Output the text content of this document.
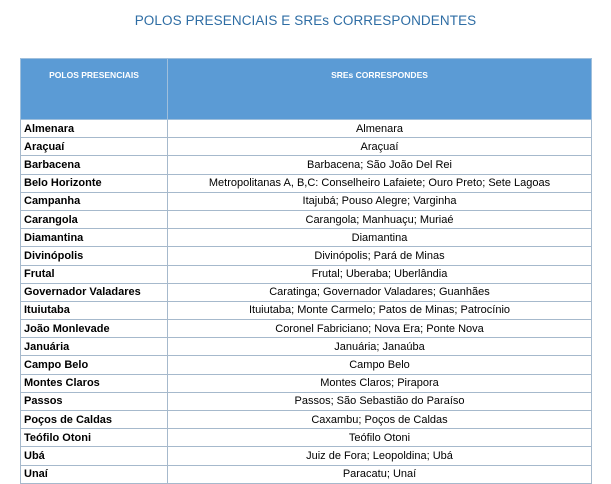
POLOS PRESENCIAIS E SREs CORRESPONDENTES
POLOS PRESENCIAIS	SREs CORRESPONDES
Almenara	Almenara
Araçuaí	Araçuaí
Barbacena	Barbacena; São João Del Rei
Belo Horizonte	Metropolitanas A, B,C: Conselheiro Lafaiete; Ouro Preto; Sete Lagoas
Campanha	Itajubá; Pouso Alegre; Varginha
Carangola	Carangola; Manhuaçu; Muriaé
Diamantina	Diamantina
Divinópolis	Divinópolis; Pará de Minas
Frutal	Frutal; Uberaba; Uberlândia
Governador Valadares	Caratinga; Governador Valadares; Guanhães
Ituiutaba	Ituiutaba; Monte Carmelo; Patos de Minas; Patrocínio
João Monlevade	Coronel Fabriciano; Nova Era; Ponte Nova
Januária	Januária; Janaúba
Campo Belo	Campo Belo
Montes Claros	Montes Claros; Pirapora
Passos	Passos; São Sebastião do Paraíso
Poços de Caldas	Caxambu; Poços de Caldas
Teófilo Otoni	Teófilo Otoni
Ubá	Juiz de Fora; Leopoldina; Ubá
Unaí	Paracatu; Unaí
